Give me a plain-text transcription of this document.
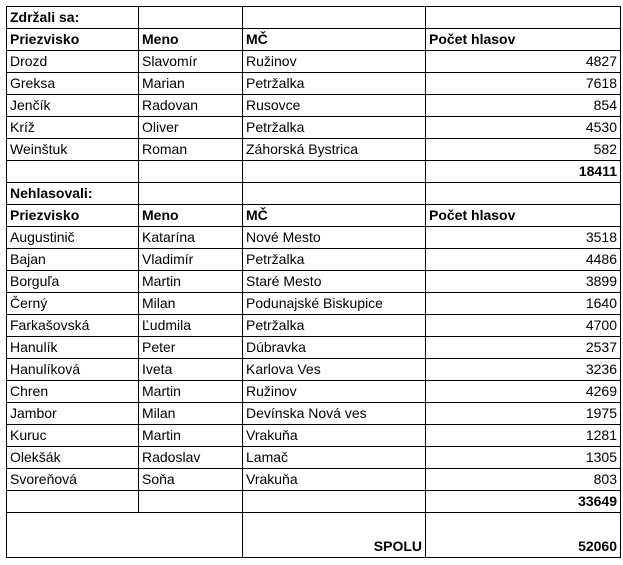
Zdržali sa:			
Priezvisko	Meno	MČ	Počet hlasov
Drozd	Slavomír	Ružinov	4827
Greksa	Marian	Petržalka	7618
Jenčík	Radovan	Rusovce	854
Kríž	Oliver	Petržalka	4530
Weinštuk	Roman	Záhorská Bystrica	582
			18411
Nehlasovali:			
Priezvisko	Meno	MČ	Počet hlasov
Augustinič	Katarína	Nové Mesto	3518
Bajan	Vladimír	Petržalka	4486
Borguľa	Martin	Staré Mesto	3899
Černý	Milan	Podunajské Biskupice	1640
Farkašovská	Ľudmila	Petržalka	4700
Hanulík	Peter	Dúbravka	2537
Hanulíková	Iveta	Karlova Ves	3236
Chren	Martin	Ružinov	4269
Jambor	Milan	Devínska Nová ves	1975
Kuruc	Martin	Vrakuňa	1281
Olekšák	Radoslav	Lamač	1305
Svoreňová	Soňa	Vrakuňa	803
			33649
		SPOLU	52060
